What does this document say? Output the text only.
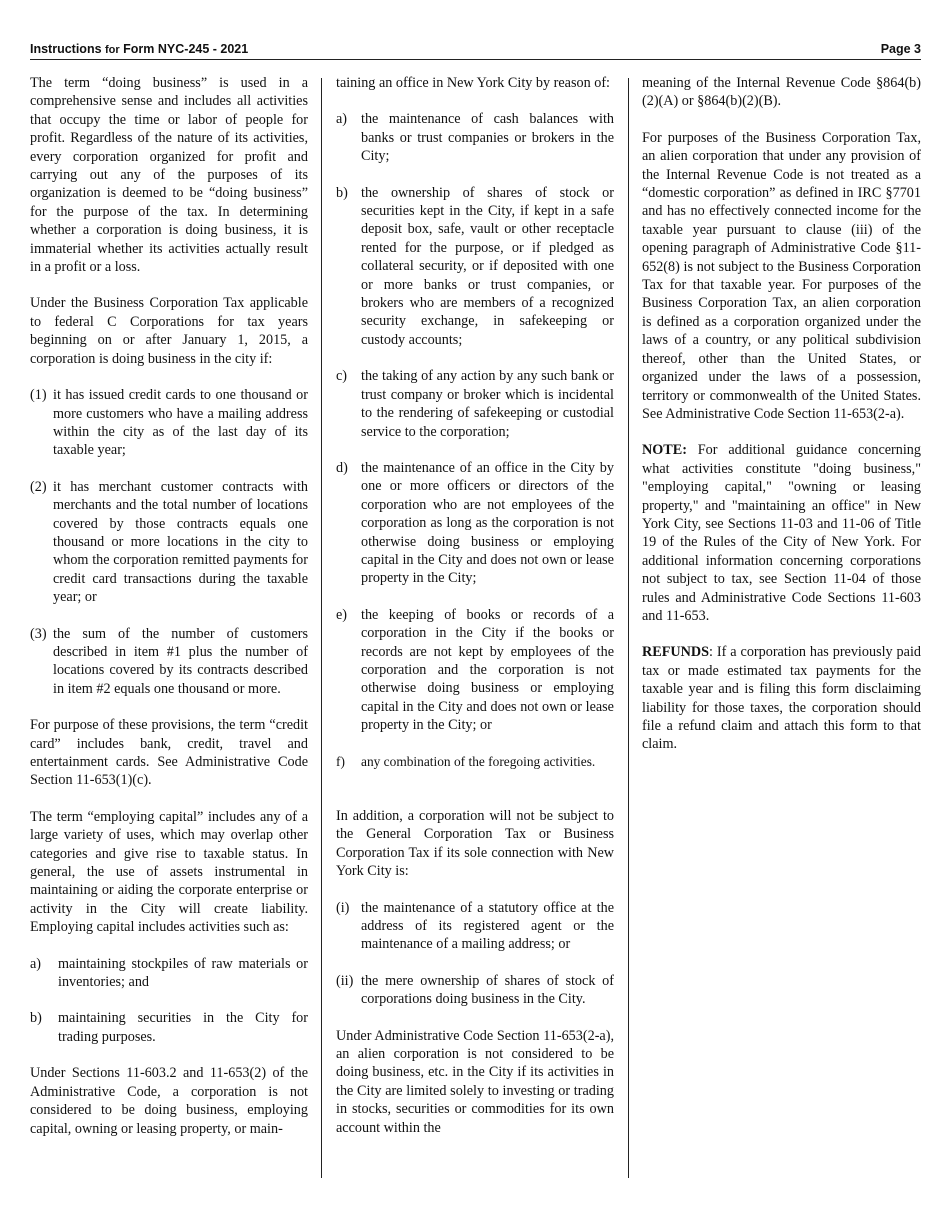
Instructions for Form NYC-245 - 2021	Page 3

The term “doing business” is used in a comprehensive sense and includes all activities that occupy the time or labor of people for profit. Regardless of the nature of its activities, every corporation organized for profit and carrying out any of the purposes of its organization is deemed to be “doing business” for the purpose of the tax. In determining whether a corporation is doing business, it is immaterial whether its activities actually result in a profit or a loss.

Under the Business Corporation Tax applicable to federal C Corporations for tax years beginning on or after January 1, 2015, a corporation is doing business in the city if:

(1) it has issued credit cards to one thousand or more customers who have a mailing address within the city as of the last day of its taxable year;
(2) it has merchant customer contracts with merchants and the total number of locations covered by those contracts equals one thousand or more locations in the city to whom the corporation remitted payments for credit card transactions during the taxable year; or
(3) the sum of the number of customers described in item #1 plus the number of locations covered by its contracts described in item #2 equals one thousand or more.

For purpose of these provisions, the term “credit card” includes bank, credit, travel and entertainment cards. See Administrative Code Section 11-653(1)(c).

The term “employing capital” includes any of a large variety of uses, which may overlap other categories and give rise to taxable status. In general, the use of assets instrumental in maintaining or aiding the corporate enterprise or activity in the City will create liability. Employing capital includes activities such as:

a)	maintaining stockpiles of raw materials or inventories; and
b)	maintaining securities in the City for trading purposes.

Under Sections 11-603.2 and 11-653(2) of the Administrative Code, a corporation is not considered to be doing business, employing capital, owning or leasing property, or main-

taining an office in New York City by reason of:

a) the maintenance of cash balances with banks or trust companies or brokers in the City;
b) the ownership of shares of stock or securities kept in the City, if kept in a safe deposit box, safe, vault or other receptacle rented for the purpose, or if pledged as collateral security, or if deposited with one or more banks or trust companies, or brokers who are members of a recognized security exchange, in safekeeping or custody accounts;
c) the taking of any action by any such bank or trust company or broker which is incidental to the rendering of safekeeping or custodial service to the corporation;
d) the maintenance of an office in the City by one or more officers or directors of the corporation who are not employees of the corporation as long as the corporation is not otherwise doing business or employing capital in the City and does not own or lease property in the City;
e) the keeping of books or records of a corporation in the City if the books or records are not kept by employees of the corporation and the corporation is not otherwise doing business or employing capital in the City and does not own or lease property in the City; or
f)	any combination of the foregoing activities.

In addition, a corporation will not be subject to the General Corporation Tax or Business Corporation Tax if its sole connection with New York City is:

(i) the maintenance of a statutory office at the address of its registered agent or the maintenance of a mailing address; or
(ii) the mere ownership of shares of stock of corporations doing business in the City.

Under Administrative Code Section 11-653(2-a), an alien corporation is not considered to be doing business, etc. in the City if its activities in the City are limited solely to investing or trading in stocks, securities or commodities for its own account within the

meaning of the Internal Revenue Code §864(b)(2)(A) or §864(b)(2)(B).

For purposes of the Business Corporation Tax, an alien corporation that under any provision of the Internal Revenue Code is not treated as a “domestic corporation” as defined in IRC §7701 and has no effectively connected income for the taxable year pursuant to clause (iii) of the opening paragraph of Administrative Code §11-652(8) is not subject to the Business Corporation Tax for that taxable year. For purposes of the Business Corporation Tax, an alien corporation is defined as a corporation organized under the laws of a country, or any political subdivision thereof, other than the United States, or organized under the laws of a possession, territory or commonwealth of the United States. See Administrative Code Section 11-653(2-a).

NOTE: For additional guidance concerning what activities constitute "doing business," "employing capital," "owning or leasing property," and "maintaining an office" in New York City, see Sections 11-03 and 11-06 of Title 19 of the Rules of the City of New York. For additional information concerning corporations not subject to tax, see Section 11-04 of those rules and Administrative Code Sections 11-603 and 11-653.

REFUNDS: If a corporation has previously paid tax or made estimated tax payments for the taxable year and is filing this form disclaiming liability for those taxes, the corporation should file a refund claim and attach this form to that claim.
